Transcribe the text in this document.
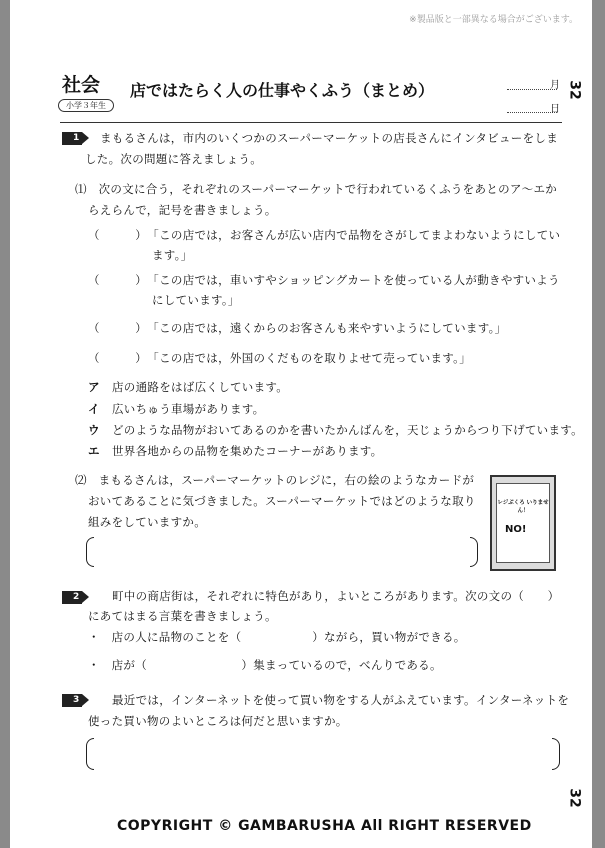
※製品版と一部異なる場合がございます。
社会
小学３年生
店ではたらく人の仕事やくふう（まとめ）	月
日
32
1 まもるさんは，市内のいくつかのスーパーマーケットの店長さんにインタビューをしま
した。次の問題に答えましょう。
⑴　次の文に合う，それぞれのスーパーマーケットで行われているくふうをあとのア～エか
らえらんで，記号を書きましょう。
（　　　）　「この店では，お客さんが広い店内で品物をさがしてまよわないようにしてい
ます。」
（　　　）　「この店では，車いすやショッピングカートを使っている人が動きやすいよう
にしています。」
（　　　）　「この店では，遠くからのお客さんも来やすいようにしています。」
（　　　）　「この店では，外国のくだものを取りよせて売っています。」
ア 店の通路をはば広くしています。
イ 広いちゅう車場があります。
ウ どのような品物がおいてあるのかを書いたかんばんを，天じょうからつり下げています。
エ 世界各地からの品物を集めたコーナーがあります。
⑵　まもるさんは，スーパーマーケットのレジに，右の絵のようなカードが
おいてあることに気づきました。スーパーマーケットではどのような取り
組みをしていますか。
レジぶくろ いりません！
NO!
2	町中の商店街は，それぞれに特色があり，よいところがあります。次の文の（　　）
にあてはまる言葉を書きましょう。
・　店の人に品物のことを（　　　　　　）ながら，買い物ができる。
・　店が（　　　　　　　　）集まっているので，べんりである。
3	最近では，インターネットを使って買い物をする人がふえています。インターネットを
使った買い物のよいところは何だと思いますか。
32
COPYRIGHT © GAMBARUSHA All RIGHT RESERVED
